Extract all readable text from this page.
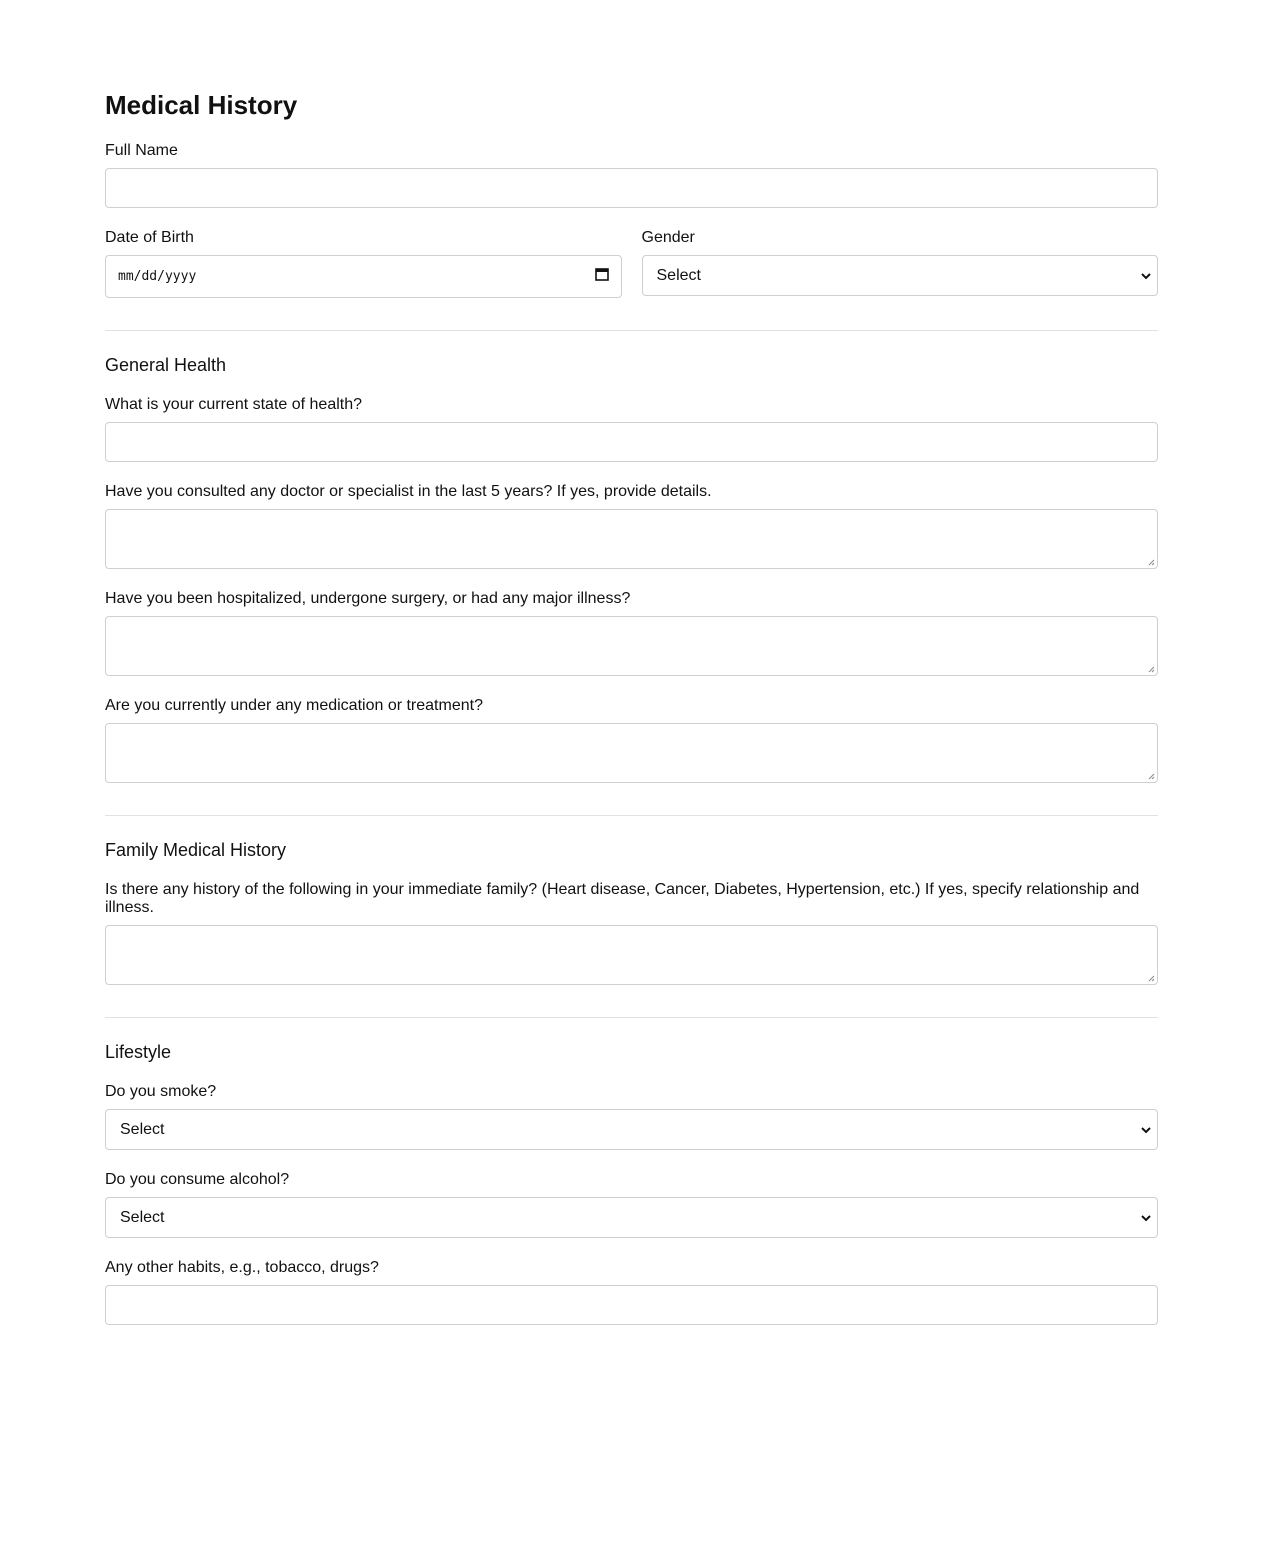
Medical History
Full Name
Date of Birth
mm/dd/yyyy
Gender
Select
General Health
What is your current state of health?
Have you consulted any doctor or specialist in the last 5 years? If yes, provide details.
Have you been hospitalized, undergone surgery, or had any major illness?
Are you currently under any medication or treatment?
Family Medical History
Is there any history of the following in your immediate family? (Heart disease, Cancer, Diabetes, Hypertension, etc.) If yes, specify relationship and illness.
Lifestyle
Do you smoke?
Select
Do you consume alcohol?
Select
Any other habits, e.g., tobacco, drugs?
